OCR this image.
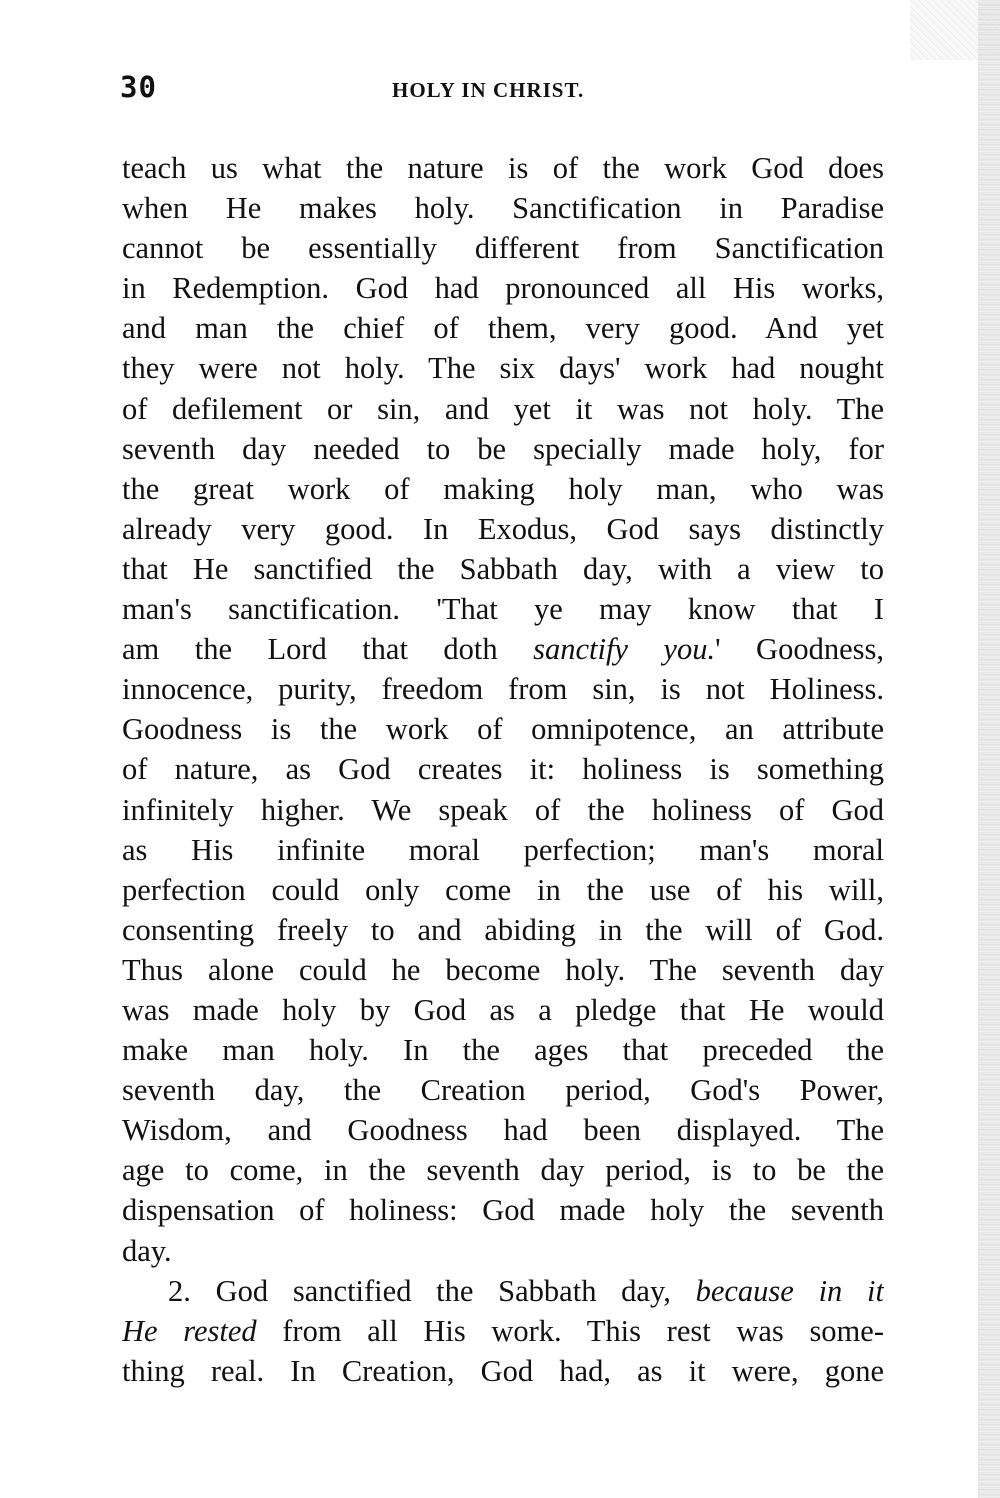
30	HOLY IN CHRIST.
teach us what the nature is of the work God does
when He makes holy. Sanctification in Paradise
cannot be essentially different from Sanctification
in Redemption. God had pronounced all His works,
and man the chief of them, very good. And yet
they were not holy. The six days' work had nought
of defilement or sin, and yet it was not holy. The
seventh day needed to be specially made holy, for
the great work of making holy man, who was
already very good. In Exodus, God says distinctly
that He sanctified the Sabbath day, with a view to
man's sanctification. 'That ye may know that I
am the Lord that doth sanctify you.' Goodness,
innocence, purity, freedom from sin, is not Holiness.
Goodness is the work of omnipotence, an attribute
of nature, as God creates it: holiness is something
infinitely higher. We speak of the holiness of God
as His infinite moral perfection; man's moral
perfection could only come in the use of his will,
consenting freely to and abiding in the will of God.
Thus alone could he become holy. The seventh day
was made holy by God as a pledge that He would
make man holy. In the ages that preceded the
seventh day, the Creation period, God's Power,
Wisdom, and Goodness had been displayed. The
age to come, in the seventh day period, is to be the
dispensation of holiness: God made holy the seventh
day.
2. God sanctified the Sabbath day, because in it
He rested from all His work. This rest was some-
thing real. In Creation, God had, as it were, gone
